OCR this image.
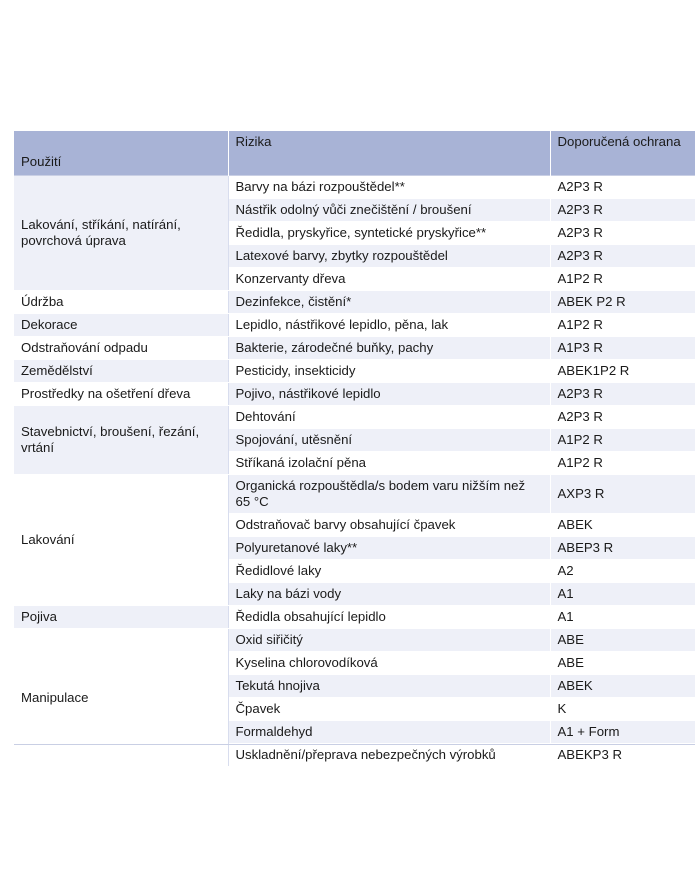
Použití	Rizika	Doporučená ochrana
Lakování, stříkání, natírání, povrchová úprava	Barvy na bázi rozpouštědel**	A2P3 R
	Nástřik odolný vůči znečištění / broušení	A2P3 R
	Ředidla, pryskyřice, syntetické pryskyřice**	A2P3 R
	Latexové barvy, zbytky rozpouštědel	A2P3 R
	Konzervanty dřeva	A1P2 R
Údržba	Dezinfekce, čistění*	ABEK P2 R
Dekorace	Lepidlo, nástřikové lepidlo, pěna, lak	A1P2 R
Odstraňování odpadu	Bakterie, zárodečné buňky, pachy	A1P3 R
Zemědělství	Pesticidy, insekticidy	ABEK1P2 R
Prostředky na ošetření dřeva	Pojivo, nástřikové lepidlo	A2P3 R
Stavebnictví, broušení, řezání, vrtání	Dehtování	A2P3 R
	Spojování, utěsnění	A1P2 R
	Stříkaná izolační pěna	A1P2 R
Lakování	Organická rozpouštědla/s bodem varu nižším než 65 °C	AXP3 R
	Odstraňovač barvy obsahující čpavek	ABEK
	Polyuretanové laky**	ABEP3 R
	Ředidlové laky	A2
	Laky na bázi vody	A1
Pojiva	Ředidla obsahující lepidlo	A1
Manipulace	Oxid siřičitý	ABE
	Kyselina chlorovodíková	ABE
	Tekutá hnojiva	ABEK
	Čpavek	K
	Formaldehyd	A1 + Form
	Uskladnění/přeprava nebezpečných výrobků	ABEKP3 R
